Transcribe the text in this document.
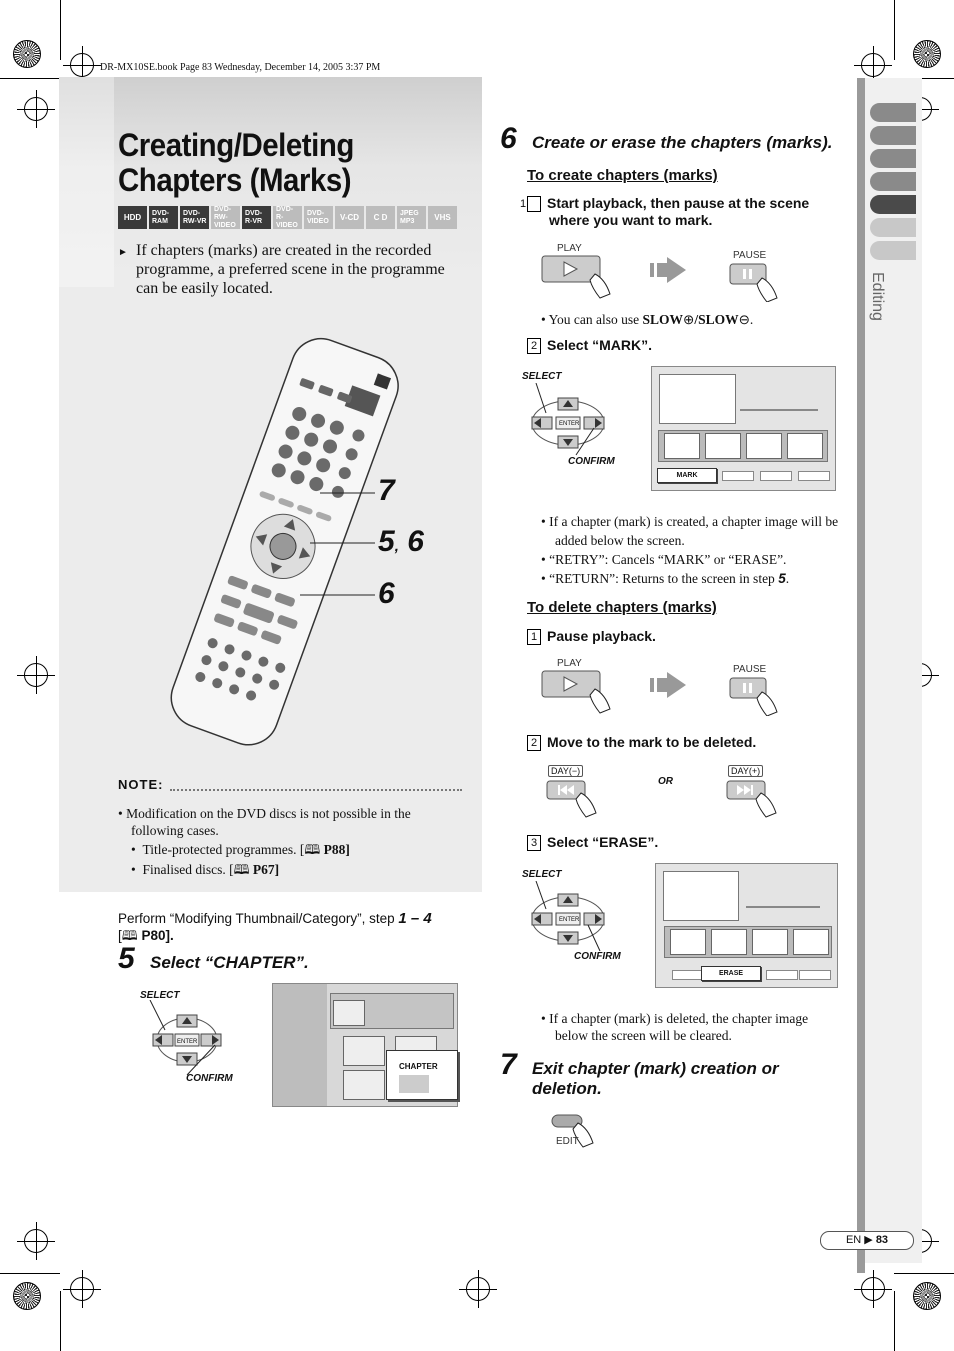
DR-MX10SE.book Page 83 Wednesday, December 14, 2005 3:37 PM
Editing
Creating/Deleting
Chapters (Marks)
HDD DVD-
RAM
DVD-
RW-VR
DVD-
RW-VIDEO
DVD-
R-VR
DVD-
R-VIDEO
DVD-
VIDEO	V-CD C D JPEG
MP3	VHS
► If chapters (marks) are created in the recorded programme, a preferred scene in the programme can be easily located.
7
5, 6
6
NOTE:
• Modification on the DVD discs is not possible in the following cases.
•  Title-protected programmes. [🕮 P88]
•  Finalised discs. [🕮 P67]
Perform “Modifying Thumbnail/Category”, step 1 – 4
[🕮 P80].
5 Select “CHAPTER”.
SELECT
CONFIRM
ENTER
CHAPTER
6 Create or erase the chapters (marks).
To create chapters (marks)
1 Start playback, then pause at the scene where you want to mark.
PLAY
PAUSE
• You can also use SLOW⊕/SLOW⊖.
2 Select “MARK”.
SELECT
CONFIRM
ENTER
MARK
• If a chapter (mark) is created, a chapter image will be added below the screen.
• “RETRY”: Cancels “MARK” or “ERASE”.
• “RETURN”: Returns to the screen in step 5.
To delete chapters (marks)
1 Pause playback.
PLAY
PAUSE
2 Move to the mark to be deleted.
DAY(−)
OR
DAY(+)
3 Select “ERASE”.
SELECT
CONFIRM
ENTER
ERASE
• If a chapter (mark) is deleted, the chapter image below the screen will be cleared.
7 Exit chapter (mark) creation or
deletion.
EDIT
EN ▶ 83
